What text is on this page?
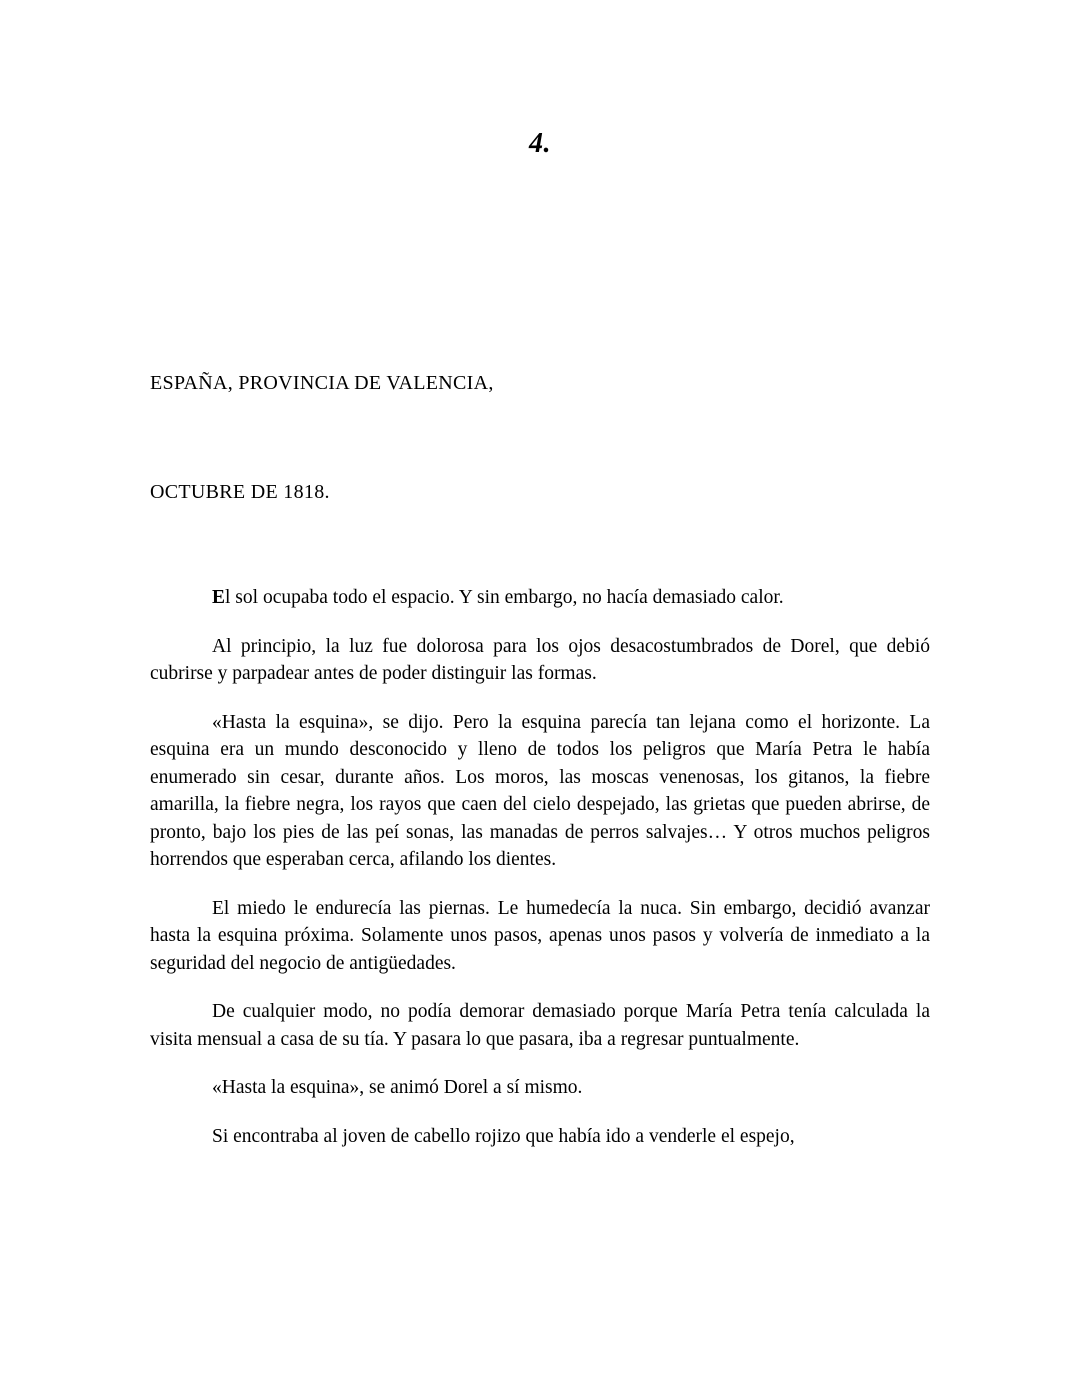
4.

ESPAÑA, PROVINCIA DE VALENCIA,

OCTUBRE DE 1818.

El sol ocupaba todo el espacio. Y sin embargo, no hacía demasiado calor.

Al principio, la luz fue dolorosa para los ojos desacostumbrados de Dorel, que debió cubrirse y parpadear antes de poder distinguir las formas.

«Hasta la esquina», se dijo. Pero la esquina parecía tan lejana como el horizonte. La esquina era un mundo desconocido y lleno de todos los peligros que María Petra le había enumerado sin cesar, durante años. Los moros, las moscas venenosas, los gitanos, la fiebre amarilla, la fiebre negra, los rayos que caen del cielo despejado, las grietas que pueden abrirse, de pronto, bajo los pies de las peí sonas, las manadas de perros salvajes… Y otros muchos peligros horrendos que esperaban cerca, afilando los dientes.

El miedo le endurecía las piernas. Le humedecía la nuca. Sin embargo, decidió avanzar hasta la esquina próxima. Solamente unos pasos, apenas unos pasos y volvería de inmediato a la seguridad del negocio de antigüedades.

De cualquier modo, no podía demorar demasiado porque María Petra tenía calculada la visita mensual a casa de su tía. Y pasara lo que pasara, iba a regresar puntualmente.

«Hasta la esquina», se animó Dorel a sí mismo.

Si encontraba al joven de cabello rojizo que había ido a venderle el espejo,
